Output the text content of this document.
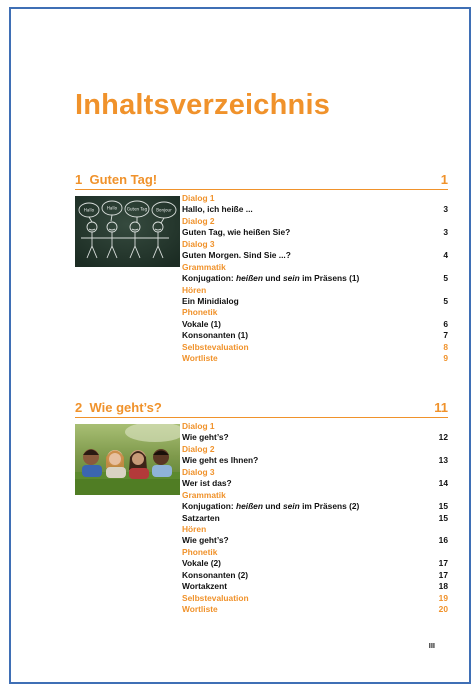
Inhaltsverzeichnis
1 Guten Tag!	1
Hallo	Hallo Guten Tag Bonjour
Dialog 1
Hallo, ich heiße ...	3
Dialog 2
Guten Tag, wie heißen Sie?	3
Dialog 3
Guten Morgen. Sind Sie ...?	4
Grammatik
Konjugation: heißen und sein im Präsens (1)	5
Hören
Ein Minidialog	5
Phonetik
Vokale (1)	6
Konsonanten (1)	7
Selbstevaluation	8
Wortliste	9
2 Wie geht’s?	11
Dialog 1
Wie geht’s?	12
Dialog 2
Wie geht es Ihnen?	13
Dialog 3
Wer ist das?	14
Grammatik
Konjugation: heißen und sein im Präsens (2)	15
Satzarten	15
Hören
Wie geht’s?	16
Phonetik
Vokale (2)	17
Konsonanten (2)	17
Wortakzent	18
Selbstevaluation	19
Wortliste	20
III
